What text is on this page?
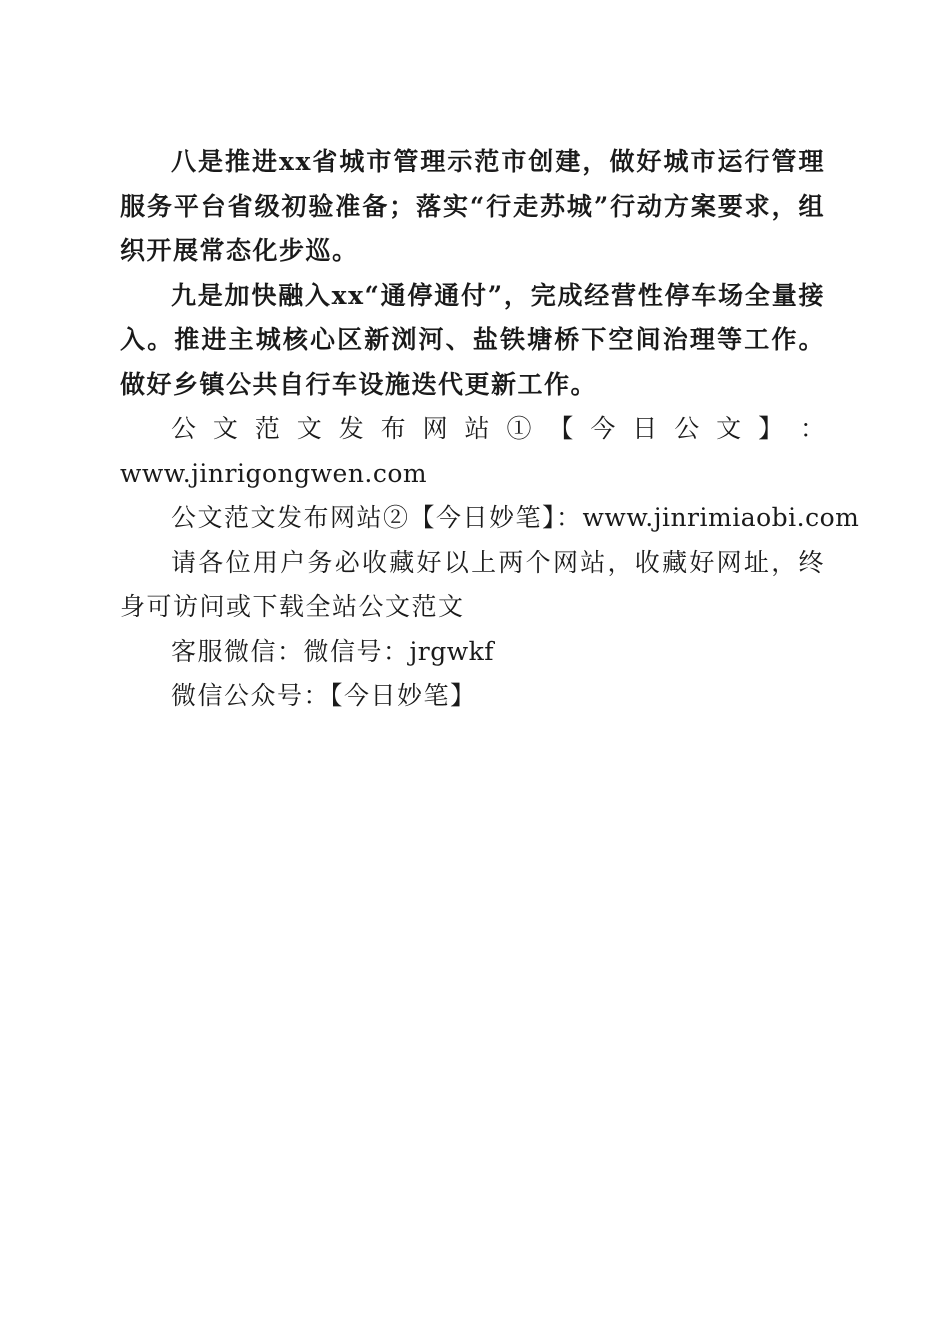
八是推进xx省城市管理示范市创建，做好城市运行管理服务平台省级初验准备；落实“行走苏城”行动方案要求，组织开展常态化步巡。

九是加快融入xx“通停通付”，完成经营性停车场全量接入。推进主城核心区新浏河、盐铁塘桥下空间治理等工作。做好乡镇公共自行车设施迭代更新工作。

公 文 范 文 发 布 网 站 ① 【 今 日 公 文 】 ：
www.jinrigongwen.com

公文范文发布网站②【今日妙笔】：www.jinrimiaobi.com

请各位用户务必收藏好以上两个网站，收藏好网址，终身可访问或下载全站公文范文

客服微信：微信号：jrgwkf

微信公众号：【今日妙笔】
